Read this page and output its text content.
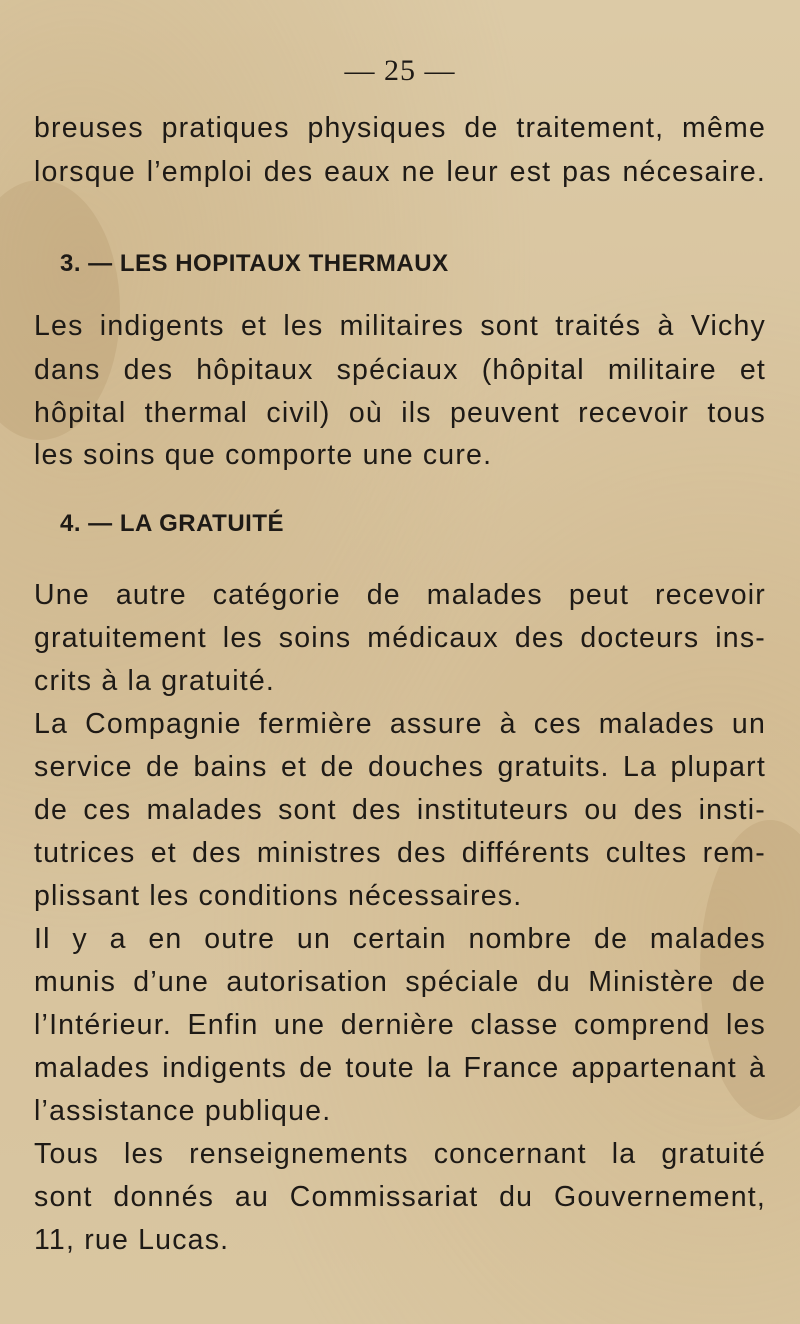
— 25 —
breuses pratiques physiques de traitement, même
lorsque l’emploi des eaux ne leur est pas nécesaire.
3. — LES HOPITAUX THERMAUX
Les indigents et les militaires sont traités à Vichy
dans des hôpitaux spéciaux (hôpital militaire et
hôpital thermal civil) où ils peuvent recevoir tous
les soins que comporte une cure.
4. — LA GRATUITÉ
Une autre catégorie de malades peut recevoir
gratuitement les soins médicaux des docteurs ins-
crits à la gratuité.
La Compagnie fermière assure à ces malades un
service de bains et de douches gratuits. La plupart
de ces malades sont des instituteurs ou des insti-
tutrices et des ministres des différents cultes rem-
plissant les conditions nécessaires.
Il y a en outre un certain nombre de malades
munis d’une autorisation spéciale du Ministère de
l’Intérieur. Enfin une dernière classe comprend les
malades indigents de toute la France appartenant à
l’assistance publique.
Tous les renseignements concernant la gratuité
sont donnés au Commissariat du Gouvernement,
11, rue Lucas.
